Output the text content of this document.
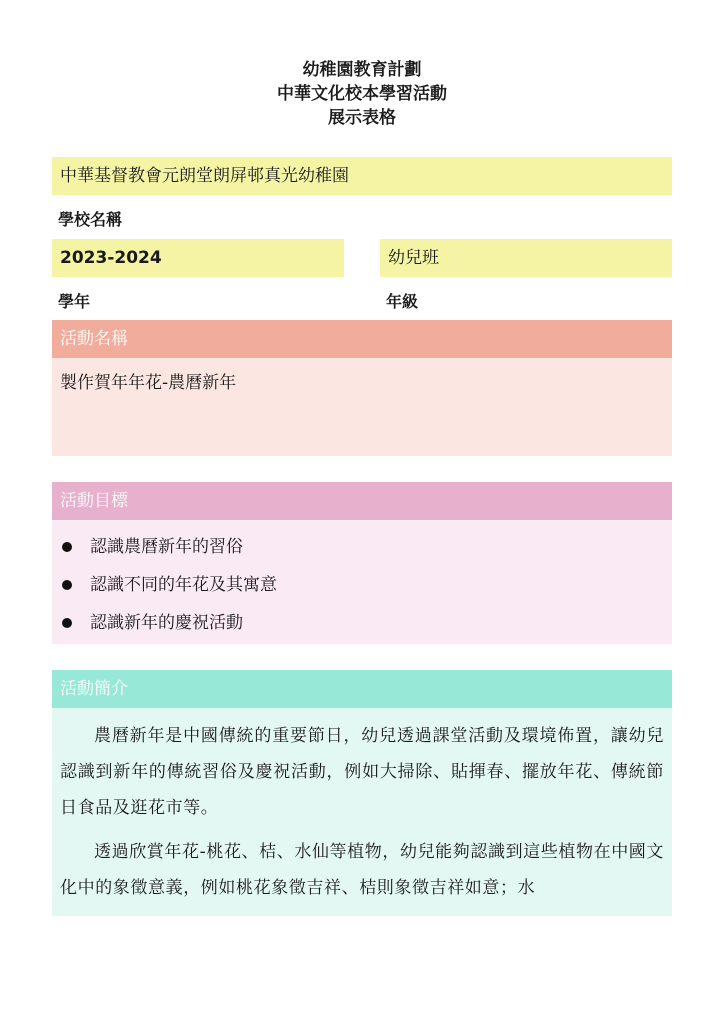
幼稚園教育計劃
中華文化校本學習活動
展示表格
中華基督教會元朗堂朗屏邨真光幼稚園
學校名稱
2023-2024	幼兒班
學年	年級
活動名稱
製作賀年年花-農曆新年
活動目標
認識農曆新年的習俗
認識不同的年花及其寓意
認識新年的慶祝活動
活動簡介

農曆新年是中國傳統的重要節日，幼兒透過課堂活動及環境佈置，讓幼兒認識到新年的傳統習俗及慶祝活動，例如大掃除、貼揮春、擺放年花、傳統節日食品及逛花市等。

透過欣賞年花-桃花、桔、水仙等植物，幼兒能夠認識到這些植物在中國文化中的象徵意義，例如桃花象徵吉祥、桔則象徵吉祥如意；水
